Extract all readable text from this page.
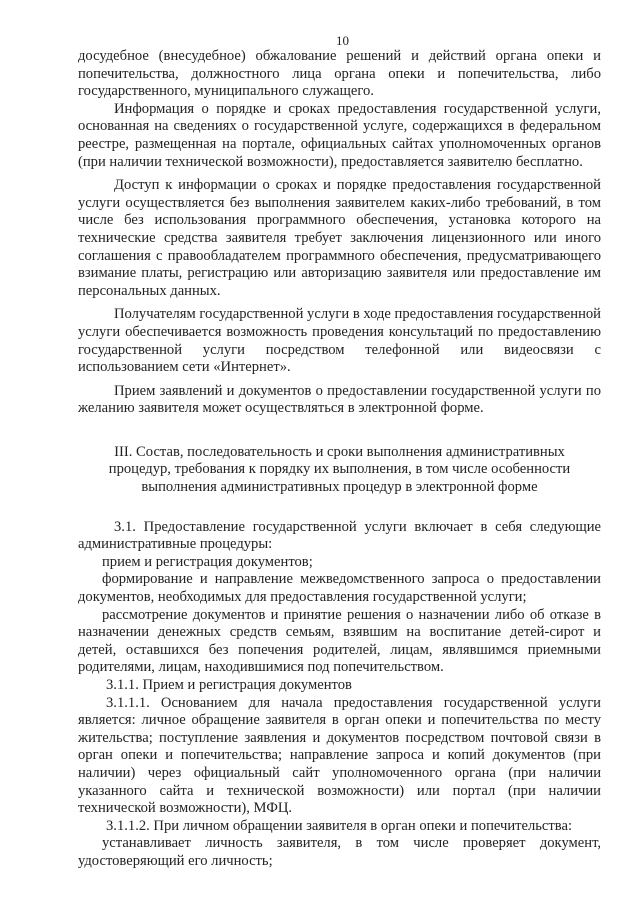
10

досудебное (внесудебное) обжалование решений и действий органа опеки и попечительства, должностного лица органа опеки и попечительства, либо государственного, муниципального служащего.

Информация о порядке и сроках предоставления государственной услуги, основанная на сведениях о государственной услуге, содержащихся в федеральном реестре, размещенная на портале, официальных сайтах уполномоченных органов (при наличии технической возможности), предоставляется заявителю бесплатно.

Доступ к информации о сроках и порядке предоставления государственной услуги осуществляется без выполнения заявителем каких-либо требований, в том числе без использования программного обеспечения, установка которого на технические средства заявителя требует заключения лицензионного или иного соглашения с правообладателем программного обеспечения, предусматривающего взимание платы, регистрацию или авторизацию заявителя или предоставление им персональных данных.

Получателям государственной услуги в ходе предоставления государственной услуги обеспечивается возможность проведения консультаций по предоставлению государственной услуги посредством телефонной или видеосвязи с использованием сети «Интернет».

Прием заявлений и документов о предоставлении государственной услуги по желанию заявителя может осуществляться в электронной форме.

III. Состав, последовательность и сроки выполнения административных процедур, требования к порядку их выполнения, в том числе особенности выполнения административных процедур в электронной форме

3.1. Предоставление государственной услуги включает в себя следующие административные процедуры:

прием и регистрация документов;

формирование и направление межведомственного запроса о предоставлении документов, необходимых для предоставления государственной услуги;

рассмотрение документов и принятие решения о назначении либо об отказе в назначении денежных средств семьям, взявшим на воспитание детей-сирот и детей, оставшихся без попечения родителей, лицам, являвшимся приемными родителями, лицам, находившимися под попечительством.

3.1.1. Прием и регистрация документов

3.1.1.1. Основанием для начала предоставления государственной услуги является: личное обращение заявителя в орган опеки и попечительства по месту жительства; поступление заявления и документов посредством почтовой связи в орган опеки и попечительства; направление запроса и копий документов (при наличии) через официальный сайт уполномоченного органа (при наличии указанного сайта и технической возможности) или портал (при наличии технической возможности), МФЦ.

3.1.1.2. При личном обращении заявителя в орган опеки и попечительства:

устанавливает личность заявителя, в том числе проверяет документ, удостоверяющий его личность;
